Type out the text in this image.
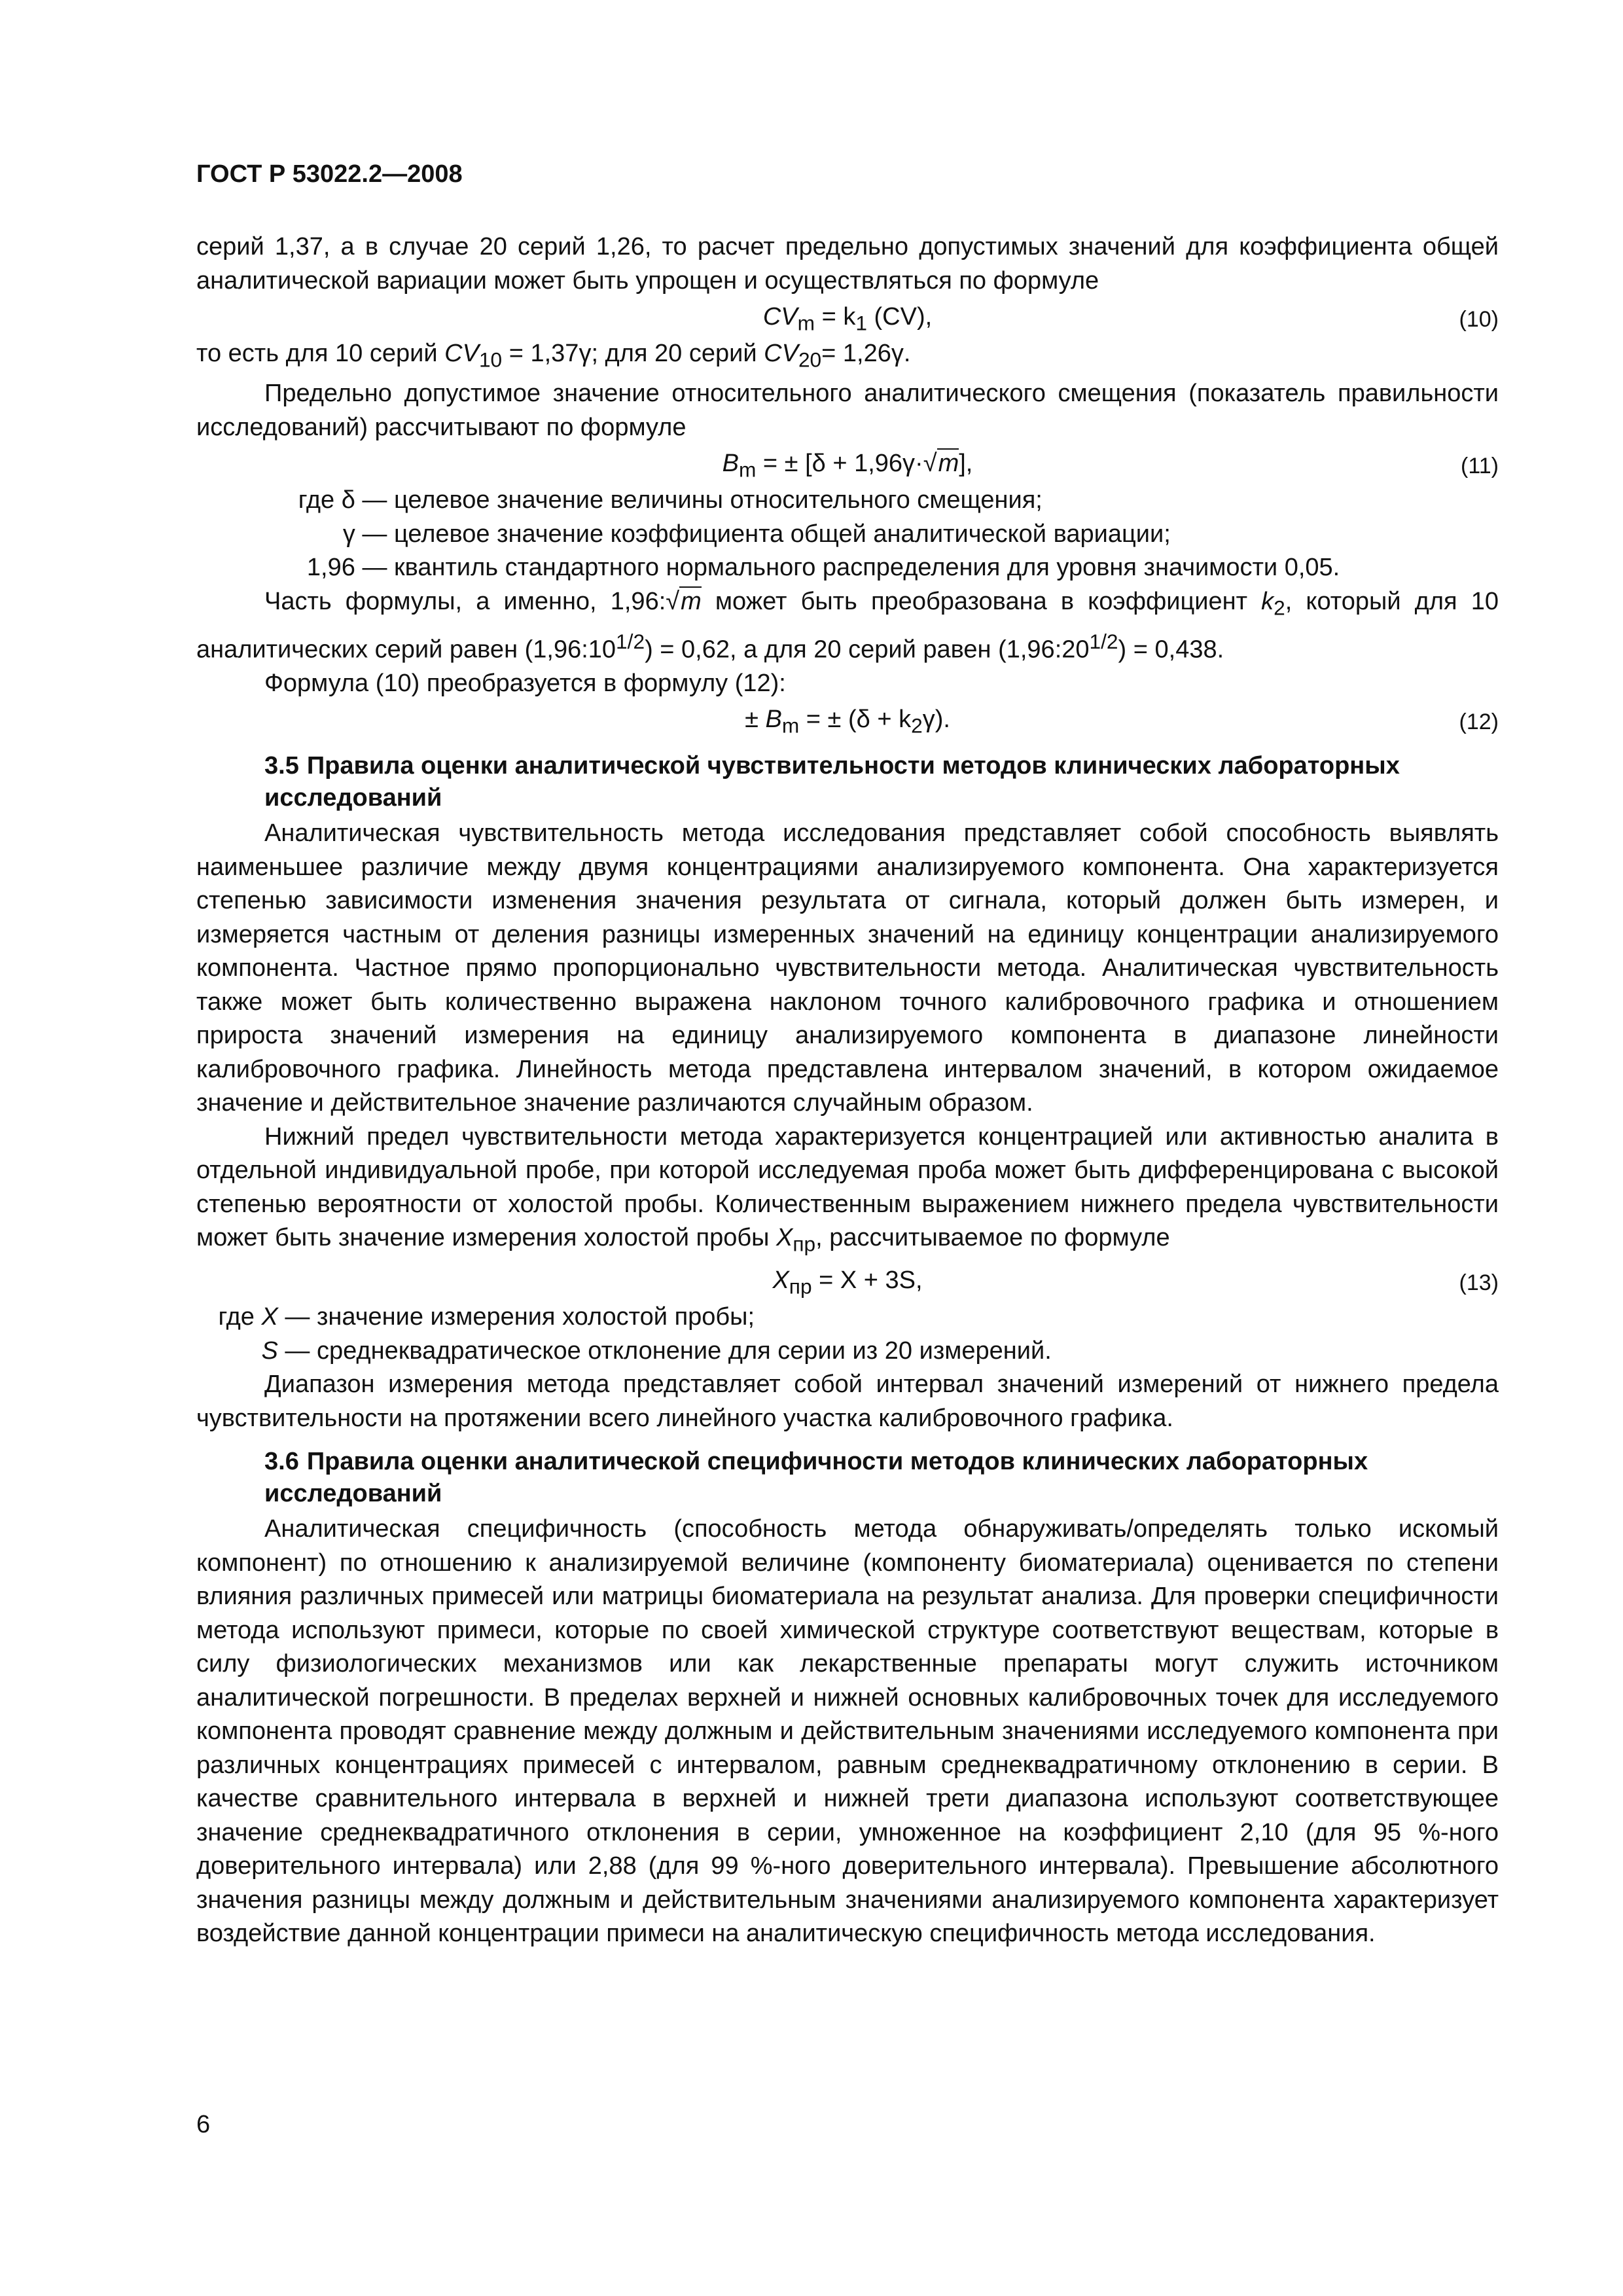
ГОСТ Р 53022.2—2008
серий 1,37, а в случае 20 серий 1,26, то расчет предельно допустимых значений для коэффициента общей аналитической вариации может быть упрощен и осуществляться по формуле
$CV_m = k_1$ (CV),	(10)
то есть для 10 серий $CV_{10} = 1,37\gamma$; для 20 серий $CV_{20}= 1,26\gamma$.
Предельно допустимое значение относительного аналитического смещения (показатель правильности исследований) рассчитывают по формуле
$B_m$ = ± [δ + 1,96γ·√m],	(11)
где δ — целевое значение величины относительного смещения;
γ — целевое значение коэффициента общей аналитической вариации;
1,96 — квантиль стандартного нормального распределения для уровня значимости 0,05.
Часть формулы, а именно, 1,96:√m может быть преобразована в коэффициент $k_2$, который для 10 аналитических серий равен $(1,96:10^{1/2}) = 0,62$, а для 20 серий равен $(1,96:20^{1/2}) = 0,438$.
Формула (10) преобразуется в формулу (12):
± $B_m$ = ± $(\delta + k_2\gamma)$.	(12)
3.5 Правила оценки аналитической чувствительности методов клинических лабораторных исследований
Аналитическая чувствительность метода исследования представляет собой способность выявлять наименьшее различие между двумя концентрациями анализируемого компонента. Она характеризуется степенью зависимости изменения значения результата от сигнала, который должен быть измерен, и измеряется частным от деления разницы измеренных значений на единицу концентрации анализируемого компонента. Частное прямо пропорционально чувствительности метода. Аналитическая чувствительность также может быть количественно выражена наклоном точного калибровочного графика и отношением прироста значений измерения на единицу анализируемого компонента в диапазоне линейности калибровочного графика. Линейность метода представлена интервалом значений, в котором ожидаемое значение и действительное значение различаются случайным образом.
Нижний предел чувствительности метода характеризуется концентрацией или активностью аналита в отдельной индивидуальной пробе, при которой исследуемая проба может быть дифференцирована с высокой степенью вероятности от холостой пробы. Количественным выражением нижнего предела чувствительности может быть значение измерения холостой пробы $X_{пр}$, рассчитываемое по формуле
$X_{пр} = X + 3S$,	(13)
где X — значение измерения холостой пробы;
S — среднеквадратическое отклонение для серии из 20 измерений.
Диапазон измерения метода представляет собой интервал значений измерений от нижнего предела чувствительности на протяжении всего линейного участка калибровочного графика.
3.6 Правила оценки аналитической специфичности методов клинических лабораторных исследований
Аналитическая специфичность (способность метода обнаруживать/определять только искомый компонент) по отношению к анализируемой величине (компоненту биоматериала) оценивается по степени влияния различных примесей или матрицы биоматериала на результат анализа. Для проверки специфичности метода используют примеси, которые по своей химической структуре соответствуют веществам, которые в силу физиологических механизмов или как лекарственные препараты могут служить источником аналитической погрешности. В пределах верхней и нижней основных калибровочных точек для исследуемого компонента проводят сравнение между должным и действительным значениями исследуемого компонента при различных концентрациях примесей с интервалом, равным среднеквадратичному отклонению в серии. В качестве сравнительного интервала в верхней и нижней трети диапазона используют соответствующее значение среднеквадратичного отклонения в серии, умноженное на коэффициент 2,10 (для 95 %-ного доверительного интервала) или 2,88 (для 99 %-ного доверительного интервала). Превышение абсолютного значения разницы между должным и действительным значениями анализируемого компонента характеризует воздействие данной концентрации примеси на аналитическую специфичность метода исследования.
6
